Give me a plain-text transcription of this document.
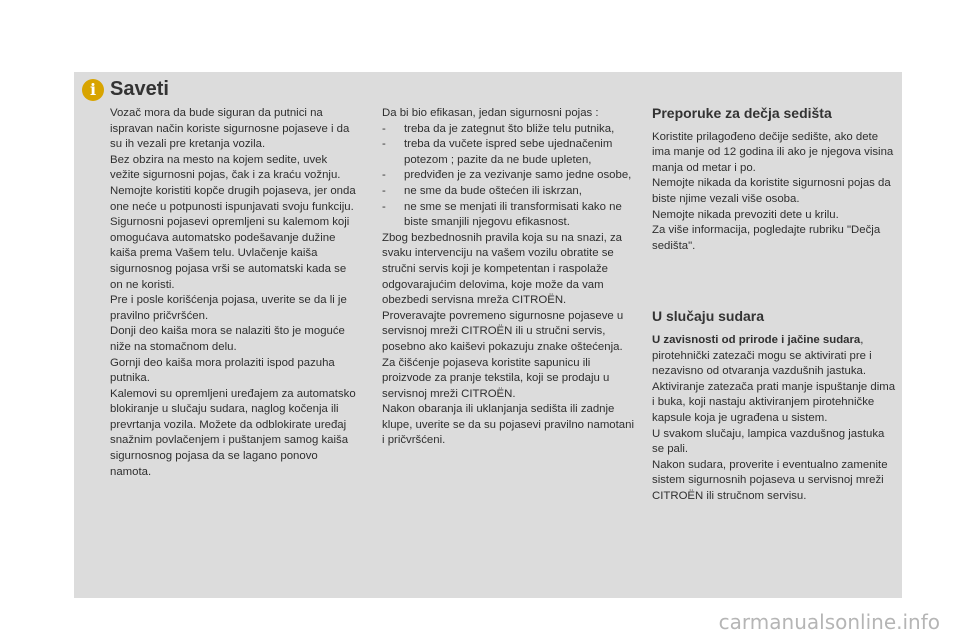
i Saveti

Vozač mora da bude siguran da putnici na ispravan način koriste sigurnosne pojaseve i da su ih vezali pre kretanja vozila.

Bez obzira na mesto na kojem sedite, uvek vežite sigurnosni pojas, čak i za kraću vožnju.

Nemojte koristiti kopče drugih pojaseva, jer onda one neće u potpunosti ispunjavati svoju funkciju.

Sigurnosni pojasevi opremljeni su kalemom koji omogućava automatsko podešavanje dužine kaiša prema Vašem telu. Uvlačenje kaiša sigurnosnog pojasa vrši se automatski kada se on ne koristi.

Pre i posle korišćenja pojasa, uverite se da li je pravilno pričvršćen.

Donji deo kaiša mora se nalaziti što je moguće niže na stomačnom delu.

Gornji deo kaiša mora prolaziti ispod pazuha putnika.

Kalemovi su opremljeni uređajem za automatsko blokiranje u slučaju sudara, naglog kočenja ili prevrtanja vozila. Možete da odblokirate uređaj snažnim povlačenjem i puštanjem samog kaiša sigurnosnog pojasa da se lagano ponovo namota.

Da bi bio efikasan, jedan sigurnosni pojas :

- treba da je zategnut što bliže telu putnika,
- treba da vučete ispred sebe ujednačenim potezom ; pazite da ne bude upleten,
- predviđen je za vezivanje samo jedne osobe,
- ne sme da bude oštećen ili iskrzan,
- ne sme se menjati ili transformisati kako ne biste smanjili njegovu efikasnost.

Zbog bezbednosnih pravila koja su na snazi, za svaku intervenciju na vašem vozilu obratite se stručni servis koji je kompetentan i raspolaže odgovarajućim delovima, koje može da vam obezbedi servisna mreža CITROËN.

Proveravajte povremeno sigurnosne pojaseve u servisnoj mreži CITROËN ili u stručni servis, posebno ako kaiševi pokazuju znake oštećenja.

Za čišćenje pojaseva koristite sapunicu ili proizvode za pranje tekstila, koji se prodaju u servisnoj mreži CITROËN.

Nakon obaranja ili uklanjanja sedišta ili zadnje klupe, uverite se da su pojasevi pravilno namotani i pričvršćeni.

Preporuke za dečja sedišta

Koristite prilagođeno dečije sedište, ako dete ima manje od 12 godina ili ako je njegova visina manja od metar i po.

Nemojte nikada da koristite sigurnosni pojas da biste njime vezali više osoba.

Nemojte nikada prevoziti dete u krilu.

Za više informacija, pogledajte rubriku "Dečja sedišta".

U slučaju sudara

U zavisnosti od prirode i jačine sudara, pirotehnički zatezači mogu se aktivirati pre i nezavisno od otvaranja vazdušnih jastuka. Aktiviranje zatezača prati manje ispuštanje dima i buka, koji nastaju aktiviranjem pirotehničke kapsule koja je ugrađena u sistem.

U svakom slučaju, lampica vazdušnog jastuka se pali.

Nakon sudara, proverite i eventualno zamenite sistem sigurnosnih pojaseva u servisnoj mreži CITROËN ili stručnom servisu.

carmanualsonline.info
